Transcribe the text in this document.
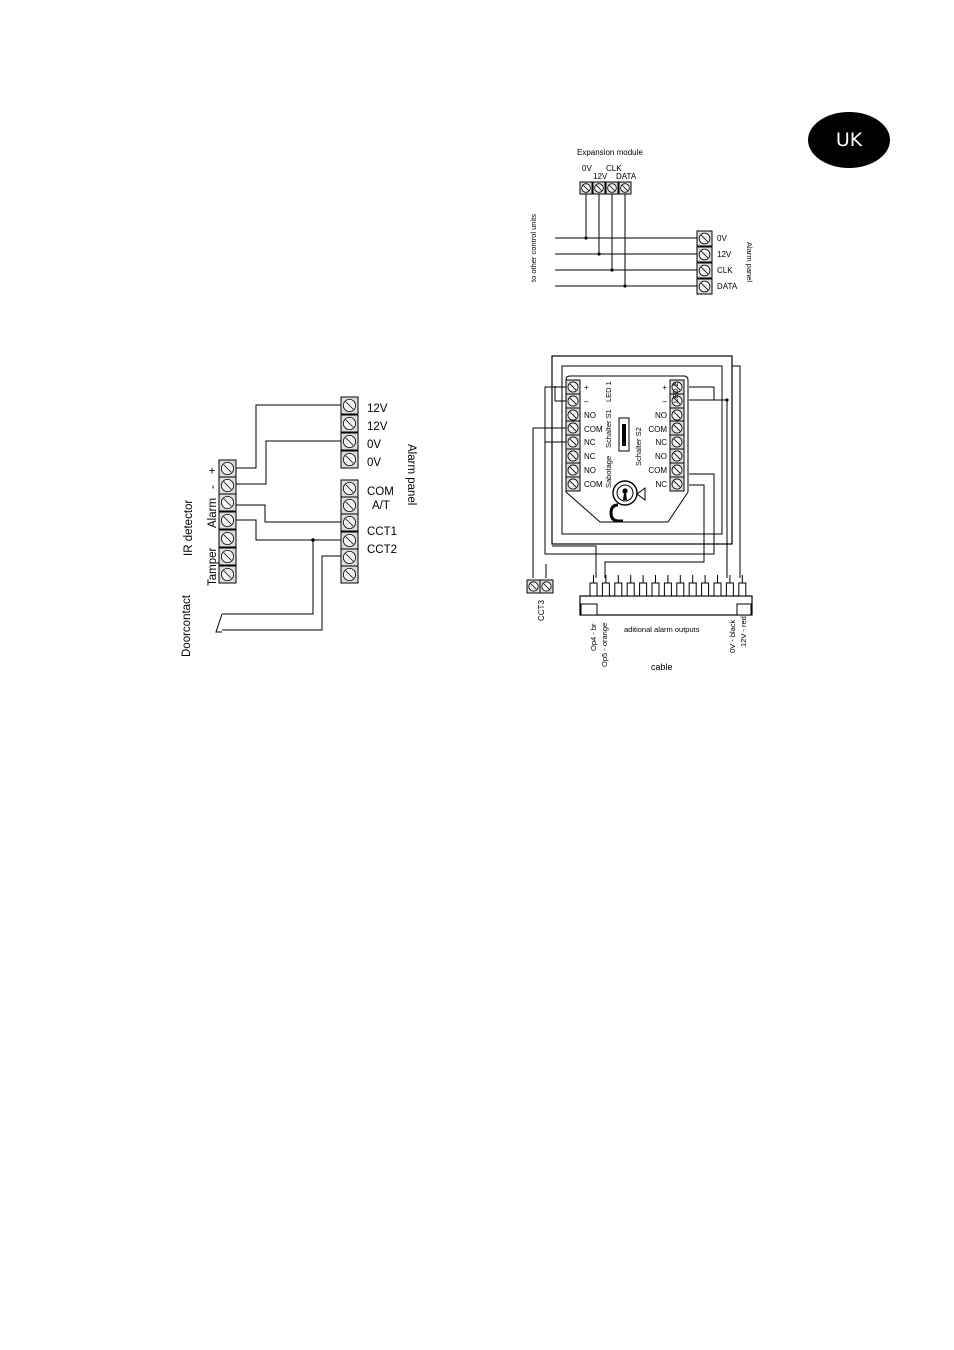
UK
12V
12V
0V
0V
COM
A/T
CCT1
CCT2
Alarm panel
IR detector
+
-
Alarm
Tamper
Doorcontact
Expansion module
0V
12V
CLK
DATA
0V
12V
CLK
DATA
Alarm panel
to other control units
+
–
NO
COM
NC
NC
NO
COM
+
–
NO
COM
NC
NO
COM
NC
LED 1	LED 2
Schalter S1	Schalter S2
Sabotage
CCT3
Op4 - br Op5 - orange aditional alarm outputs	0V - black 12V - red
cable
